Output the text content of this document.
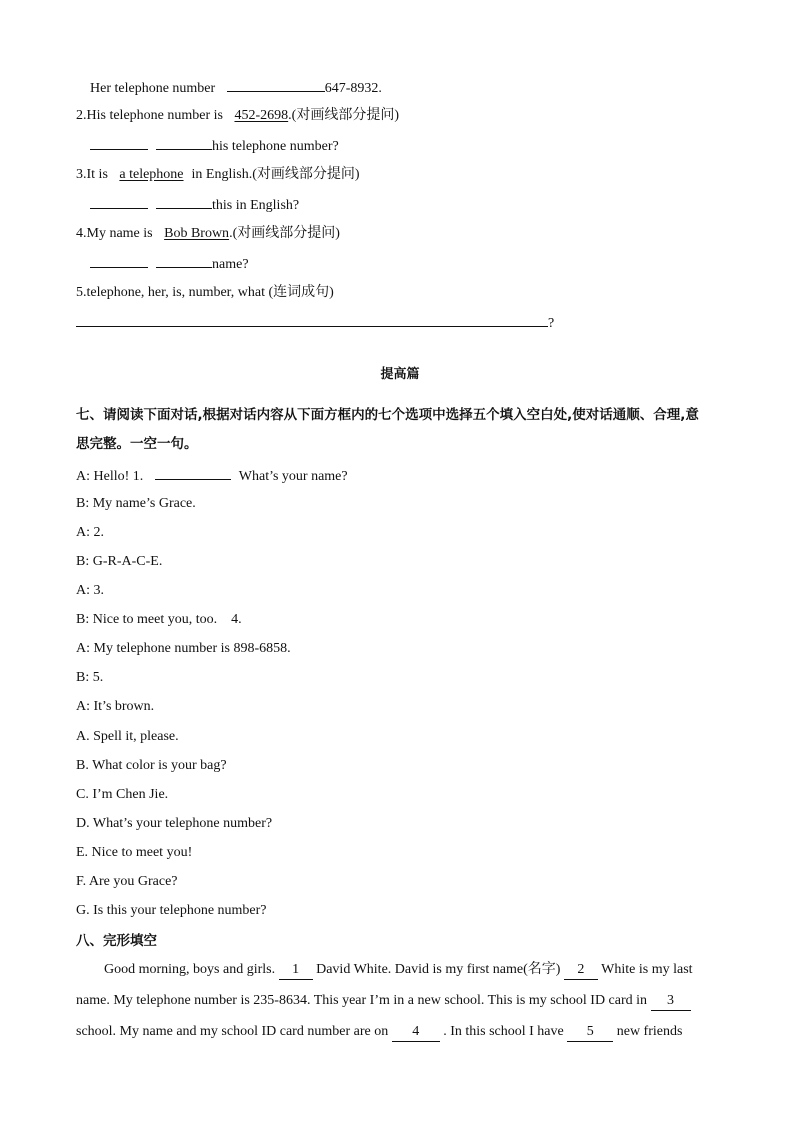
Her telephone number	647-8932.
2.His telephone number is 452-2698.(对画线部分提问)
his telephone number?
3.It is a telephone in English.(对画线部分提问)
this in English?
4.My name is Bob Brown.(对画线部分提问)
name?
5.telephone, her, is, number, what (连词成句)
?
提高篇
七、请阅读下面对话,根据对话内容从下面方框内的七个选项中选择五个填入空白处,使对话通顺、合理,意
思完整。一空一句。
A: Hello! 1.	What’s your name?
B: My name’s Grace.
A: 2.
B: G-R-A-C-E.
A: 3.
B: Nice to meet you, too.    4.
A: My telephone number is 898-6858.
B: 5.
A: It’s brown.
A. Spell it, please.
B. What color is your bag?
C. I’m Chen Jie.
D. What’s your telephone number?
E. Nice to meet you!
F. Are you Grace?
G. Is this your telephone number?
八、完形填空
Good morning, boys and girls. 1 David White. David is my first name(名字) 2 White is my last
name. My telephone number is 235-8634. This year I’m in a new school. This is my school ID card in 3
school. My name and my school ID card number are on 4 . In this school I have 5 new friends
